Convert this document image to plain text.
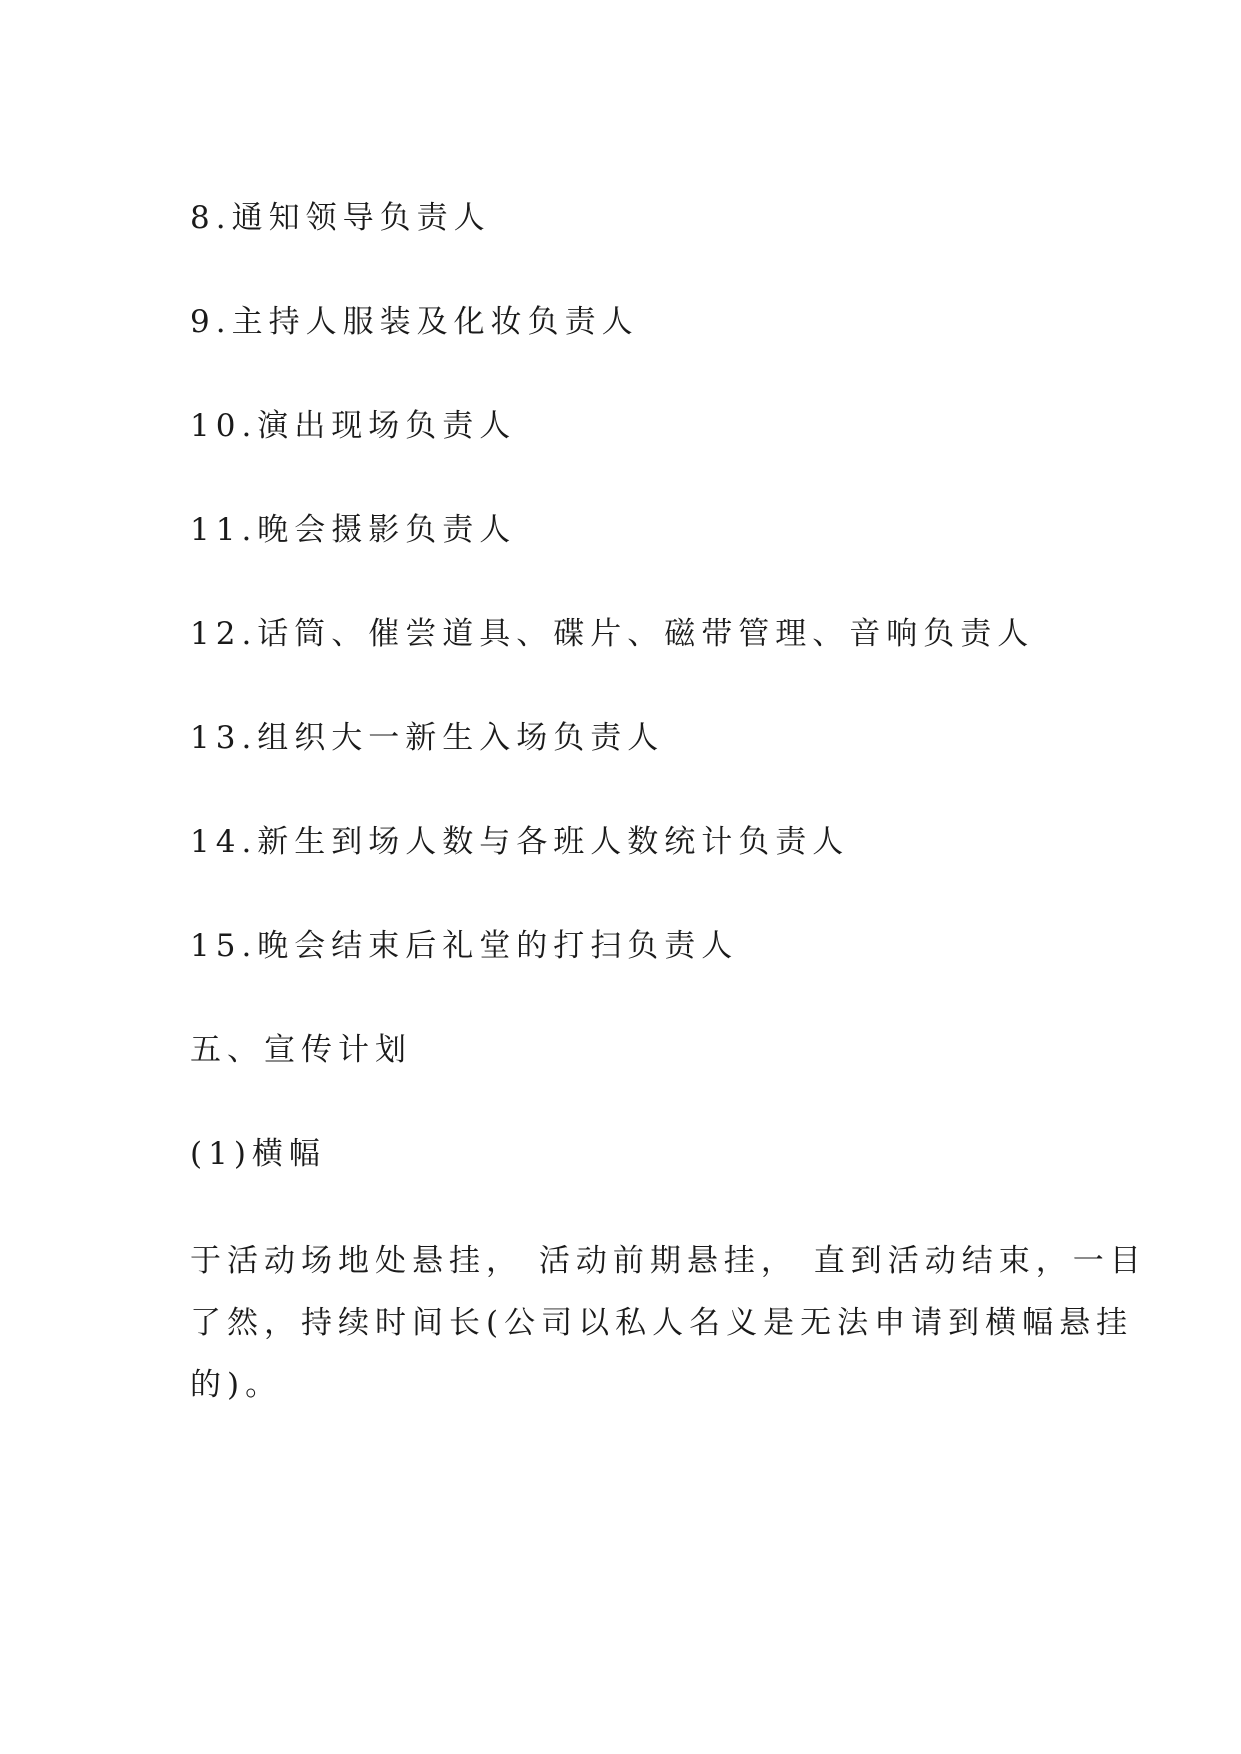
8.通知领导负责人
9.主持人服装及化妆负责人
10.演出现场负责人
11.晚会摄影负责人
12.话筒、催尝道具、碟片、磁带管理、音响负责人
13.组织大一新生入场负责人
14.新生到场人数与各班人数统计负责人
15.晚会结束后礼堂的打扫负责人
五、宣传计划
(1)横幅
于活动场地处悬挂， 活动前期悬挂， 直到活动结束，一目
了然，持续时间长(公司以私人名义是无法申请到横幅悬挂
的)。
